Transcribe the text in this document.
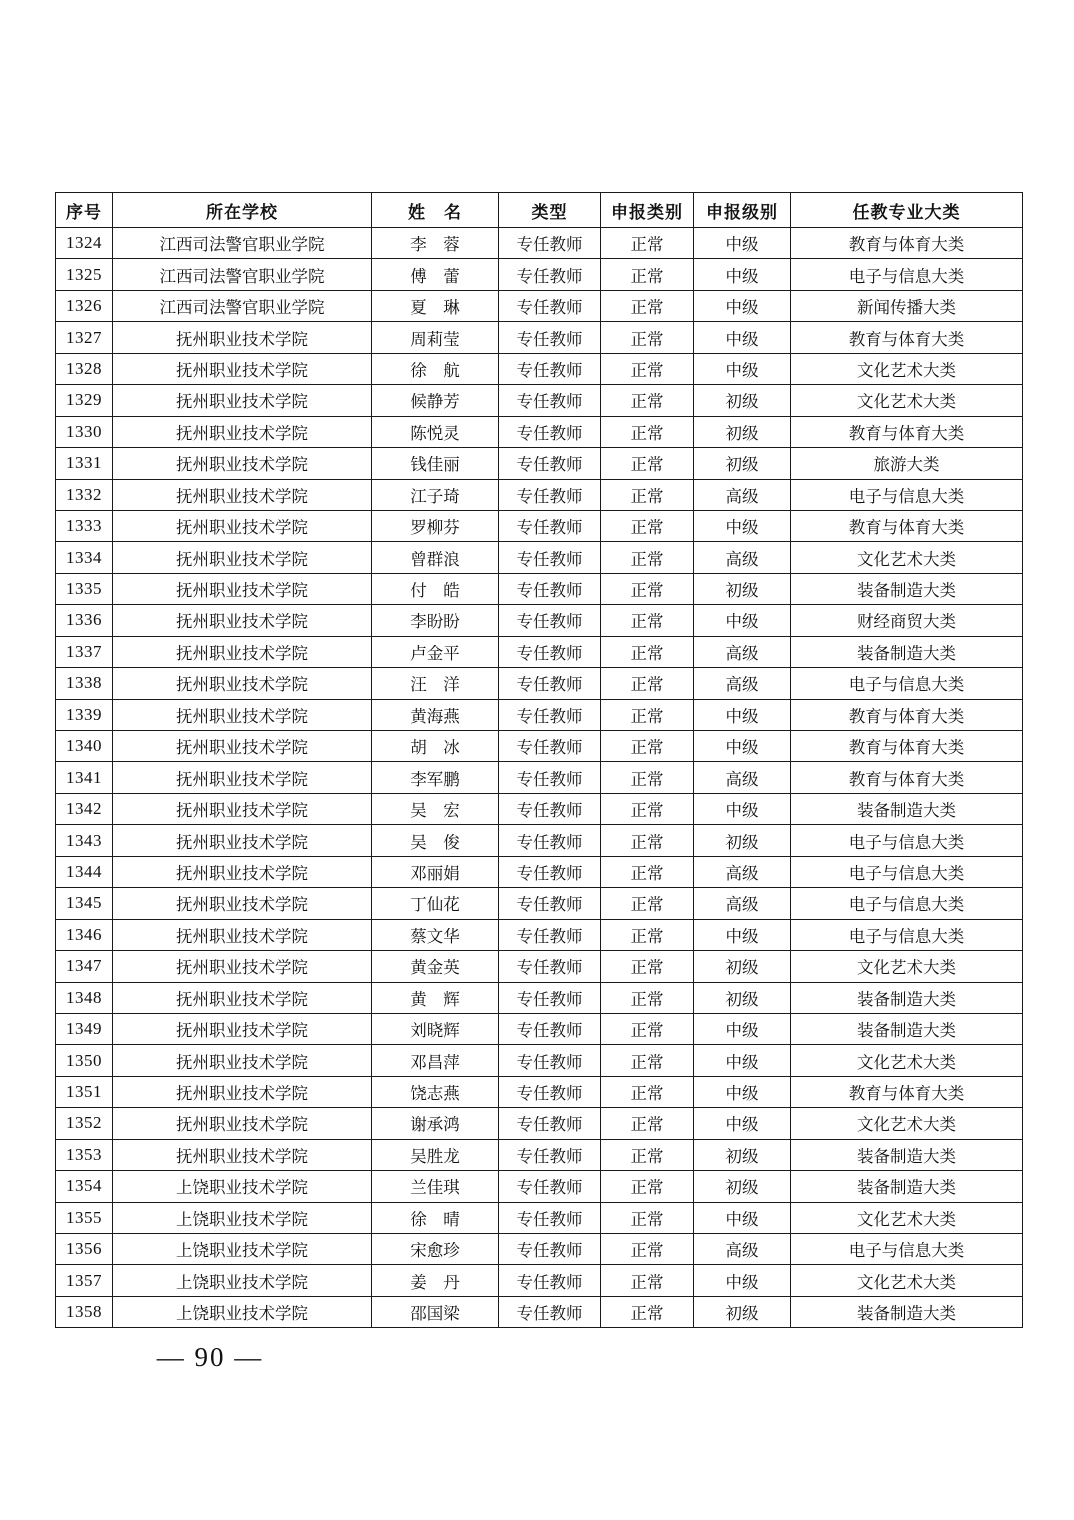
序号	所在学校	姓　名	类型	申报类别	申报级别	任教专业大类
1324	江西司法警官职业学院	李　蓉	专任教师	正常	中级	教育与体育大类
1325	江西司法警官职业学院	傅　蕾	专任教师	正常	中级	电子与信息大类
1326	江西司法警官职业学院	夏　琳	专任教师	正常	中级	新闻传播大类
1327	抚州职业技术学院	周莉莹	专任教师	正常	中级	教育与体育大类
1328	抚州职业技术学院	徐　航	专任教师	正常	中级	文化艺术大类
1329	抚州职业技术学院	候静芳	专任教师	正常	初级	文化艺术大类
1330	抚州职业技术学院	陈悦灵	专任教师	正常	初级	教育与体育大类
1331	抚州职业技术学院	钱佳丽	专任教师	正常	初级	旅游大类
1332	抚州职业技术学院	江子琦	专任教师	正常	高级	电子与信息大类
1333	抚州职业技术学院	罗柳芬	专任教师	正常	中级	教育与体育大类
1334	抚州职业技术学院	曾群浪	专任教师	正常	高级	文化艺术大类
1335	抚州职业技术学院	付　皓	专任教师	正常	初级	装备制造大类
1336	抚州职业技术学院	李盼盼	专任教师	正常	中级	财经商贸大类
1337	抚州职业技术学院	卢金平	专任教师	正常	高级	装备制造大类
1338	抚州职业技术学院	汪　洋	专任教师	正常	高级	电子与信息大类
1339	抚州职业技术学院	黄海燕	专任教师	正常	中级	教育与体育大类
1340	抚州职业技术学院	胡　冰	专任教师	正常	中级	教育与体育大类
1341	抚州职业技术学院	李军鹏	专任教师	正常	高级	教育与体育大类
1342	抚州职业技术学院	吴　宏	专任教师	正常	中级	装备制造大类
1343	抚州职业技术学院	吴　俊	专任教师	正常	初级	电子与信息大类
1344	抚州职业技术学院	邓丽娟	专任教师	正常	高级	电子与信息大类
1345	抚州职业技术学院	丁仙花	专任教师	正常	高级	电子与信息大类
1346	抚州职业技术学院	蔡文华	专任教师	正常	中级	电子与信息大类
1347	抚州职业技术学院	黄金英	专任教师	正常	初级	文化艺术大类
1348	抚州职业技术学院	黄　辉	专任教师	正常	初级	装备制造大类
1349	抚州职业技术学院	刘晓辉	专任教师	正常	中级	装备制造大类
1350	抚州职业技术学院	邓昌萍	专任教师	正常	中级	文化艺术大类
1351	抚州职业技术学院	饶志燕	专任教师	正常	中级	教育与体育大类
1352	抚州职业技术学院	谢承鸿	专任教师	正常	中级	文化艺术大类
1353	抚州职业技术学院	吴胜龙	专任教师	正常	初级	装备制造大类
1354	上饶职业技术学院	兰佳琪	专任教师	正常	初级	装备制造大类
1355	上饶职业技术学院	徐　晴	专任教师	正常	中级	文化艺术大类
1356	上饶职业技术学院	宋愈珍	专任教师	正常	高级	电子与信息大类
1357	上饶职业技术学院	姜　丹	专任教师	正常	中级	文化艺术大类
1358	上饶职业技术学院	邵国梁	专任教师	正常	初级	装备制造大类
— 90 —
